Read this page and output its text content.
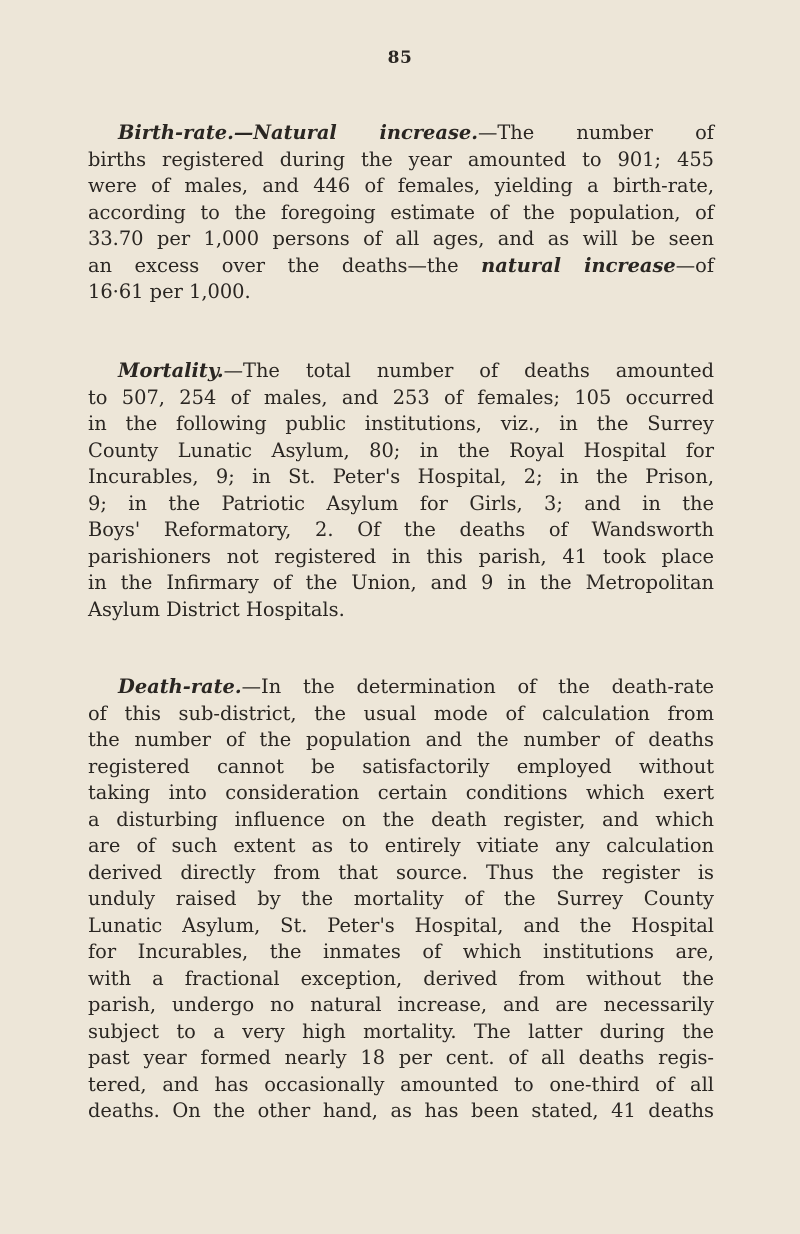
85
Birth-rate.—Natural increase.—The number of
births registered during the year amounted to 901; 455
were of males, and 446 of females, yielding a birth-rate,
according to the foregoing estimate of the population, of
33.70 per 1,000 persons of all ages, and as will be seen
an excess over the deaths—the natural increase—of
16·61 per 1,000.
Mortality.—The total number of deaths amounted
to 507, 254 of males, and 253 of females; 105 occurred
in the following public institutions, viz., in the Surrey
County Lunatic Asylum, 80; in the Royal Hospital for
Incurables, 9; in St. Peter's Hospital, 2; in the Prison,
9; in the Patriotic Asylum for Girls, 3; and in the
Boys' Reformatory, 2. Of the deaths of Wandsworth
parishioners not registered in this parish, 41 took place
in the Infirmary of the Union, and 9 in the Metropolitan
Asylum District Hospitals.
Death-rate.—In the determination of the death-rate
of this sub-district, the usual mode of calculation from
the number of the population and the number of deaths
registered cannot be satisfactorily employed without
taking into consideration certain conditions which exert
a disturbing influence on the death register, and which
are of such extent as to entirely vitiate any calculation
derived directly from that source. Thus the register is
unduly raised by the mortality of the Surrey County
Lunatic Asylum, St. Peter's Hospital, and the Hospital
for Incurables, the inmates of which institutions are,
with a fractional exception, derived from without the
parish, undergo no natural increase, and are necessarily
subject to a very high mortality. The latter during the
past year formed nearly 18 per cent. of all deaths regis-
tered, and has occasionally amounted to one-third of all
deaths. On the other hand, as has been stated, 41 deaths
